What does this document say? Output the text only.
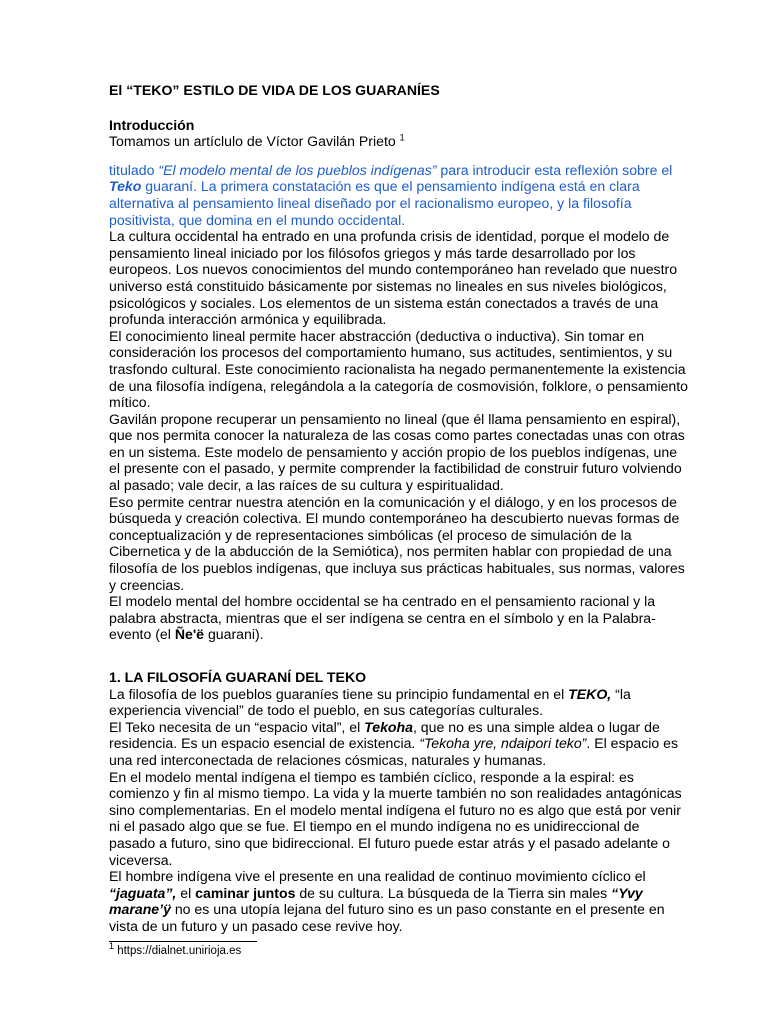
El “TEKO” ESTILO DE VIDA DE LOS GUARANÍES

Introducción

Tomamos un artíclulo de Víctor Gavilán Prieto $^1$

titulado “El modelo mental de los pueblos indígenas” para introducir esta reflexión sobre el Teko guaraní. La primera constatación es que el pensamiento indígena está en clara alternativa al pensamiento lineal diseñado por el racionalismo europeo, y la filosofía positivista, que domina en el mundo occidental.

La cultura occidental ha entrado en una profunda crisis de identidad, porque el modelo de pensamiento lineal iniciado por los filósofos griegos y más tarde desarrollado por los europeos. Los nuevos conocimientos del mundo contemporáneo han revelado que nuestro universo está constituido básicamente por sistemas no lineales en sus niveles biológicos, psicológicos y sociales. Los elementos de un sistema están conectados a través de una profunda interacción armónica y equilibrada.

El conocimiento lineal permite hacer abstracción (deductiva o inductiva). Sin tomar en consideración los procesos del comportamiento humano, sus actitudes, sentimientos, y su trasfondo cultural. Este conocimiento racionalista ha negado permanentemente la existencia de una filosofía indígena, relegándola a la categoría de cosmovisión, folklore, o pensamiento mítico.

Gavilán propone recuperar un pensamiento no lineal (que él llama pensamiento en espiral), que nos permita conocer la naturaleza de las cosas como partes conectadas unas con otras en un sistema. Este modelo de pensamiento y acción propio de los pueblos indígenas, une el presente con el pasado, y permite comprender la factibilidad de construir futuro volviendo al pasado; vale decir, a las raíces de su cultura y espiritualidad.

Eso permite centrar nuestra atención en la comunicación y el diálogo, y en los procesos de búsqueda y creación colectiva. El mundo contemporáneo ha descubierto nuevas formas de conceptualización y de representaciones simbólicas (el proceso de simulación de la Cibernetica y de la abducción de la Semiótica), nos permiten hablar con propiedad de una filosofía de los pueblos indígenas, que incluya sus prácticas habituales, sus normas, valores y creencias.

El modelo mental del hombre occidental se ha centrado en el pensamiento racional y la palabra abstracta, mientras que el ser indígena se centra en el símbolo y en la Palabra-evento (el Ñe'ë guarani).

1. LA FILOSOFÍA GUARANÍ DEL TEKO

La filosofía de los pueblos guaraníes tiene su principio fundamental en el TEKO, “la experiencia vivencial” de todo el pueblo, en sus categorías culturales.

El Teko necesita de un “espacio vital”, el Tekoha, que no es una simple aldea o lugar de residencia. Es un espacio esencial de existencia. “Tekoha yre, ndaipori teko”. El espacio es una red interconectada de relaciones cósmicas, naturales y humanas.

En el modelo mental indígena el tiempo es también cíclico, responde a la espiral: es comienzo y fin al mismo tiempo. La vida y la muerte también no son realidades antagónicas sino complementarias. En el modelo mental indígena el futuro no es algo que está por venir ni el pasado algo que se fue. El tiempo en el mundo indígena no es unidireccional de pasado a futuro, sino que bidireccional. El futuro puede estar atrás y el pasado adelante o viceversa.

El hombre indígena vive el presente en una realidad de continuo movimiento cíclico el “jaguata”, el caminar juntos de su cultura. La búsqueda de la Tierra sin males “Yvy marane’ÿ no es una utopía lejana del futuro sino es un paso constante en el presente en vista de un futuro y un pasado cese revive hoy.

$^1$ https://dialnet.unirioja.es
